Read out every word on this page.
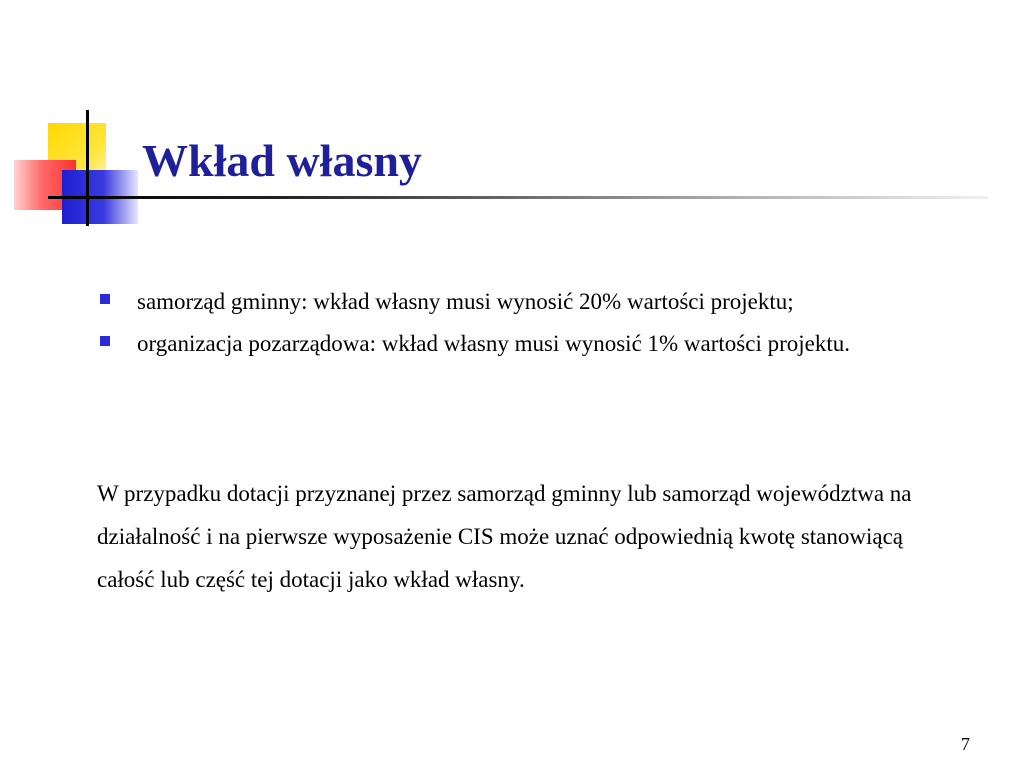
Wkład własny
samorząd gminny: wkład własny musi wynosić 20% wartości projektu;
organizacja pozarządowa: wkład własny musi wynosić 1% wartości projektu.

W przypadku dotacji przyznanej przez samorząd gminny lub samorząd województwa na działalność i na pierwsze wyposażenie CIS może uznać odpowiednią kwotę stanowiącą całość lub część tej dotacji jako wkład własny.

7
